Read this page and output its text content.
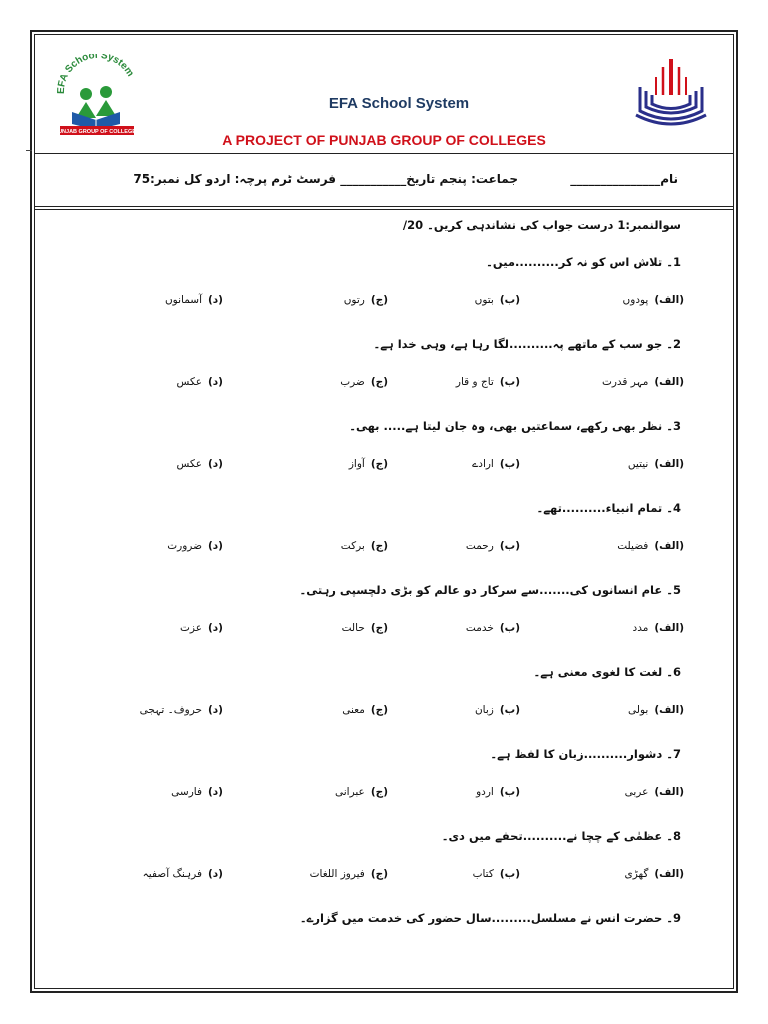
EFA School System
PUNJAB GROUP OF COLLEGES
EFA School System
A PROJECT OF PUNJAB GROUP OF COLLEGES
نام_______________
جماعت: پنجم تاریخ___________ فرسٹ ٹرم پرچہ: اردو کل نمبر:75
سوالنمبر:1 درست جواب کی نشاندہی کریں۔ 20/
1۔ تلاش اس کو نہ کر..........میں۔
(الف)پودوں
(ب)بتوں
(ج)رتوں
(د)آسمانوں
2۔ جو سب کے ماتھے پہ..........لگا رہا ہے، وہی خدا ہے۔
(الف)مہر قدرت
(ب)تاج و قار
(ج)ضرب
(د)عکس
3۔ نظر بھی رکھے، سماعتیں بھی، وہ جان لیتا ہے..... بھی۔
(الف)نیتیں
(ب)ارادے
(ج)آواز
(د)عکس
4۔ تمام انبیاء..........تھے۔
(الف)فضیلت
(ب)رحمت
(ج)برکت
(د)ضرورت
5۔ عام انسانوں کی.......سے سرکار دو عالم کو بڑی دلچسپی رہتی۔
(الف)مدد
(ب)خدمت
(ج)حالت
(د)عزت
6۔ لغت کا لغوی معنی ہے۔
(الف)بولی
(ب)زبان
(ج)معنی
(د)حروف۔ تہجی
7۔ دشوار..........زبان کا لفظ ہے۔
(الف)عربی
(ب)اردو
(ج)عبرانی
(د)فارسی
8۔ عظمٰی کے چچا نے..........تحفے میں دی۔
(الف)گھڑی
(ب)کتاب
(ج)فیروز اللغات
(د)فرہنگ آصفیہ
9۔ حضرت انس نے مسلسل.........سال حضور کی خدمت میں گزارے۔
